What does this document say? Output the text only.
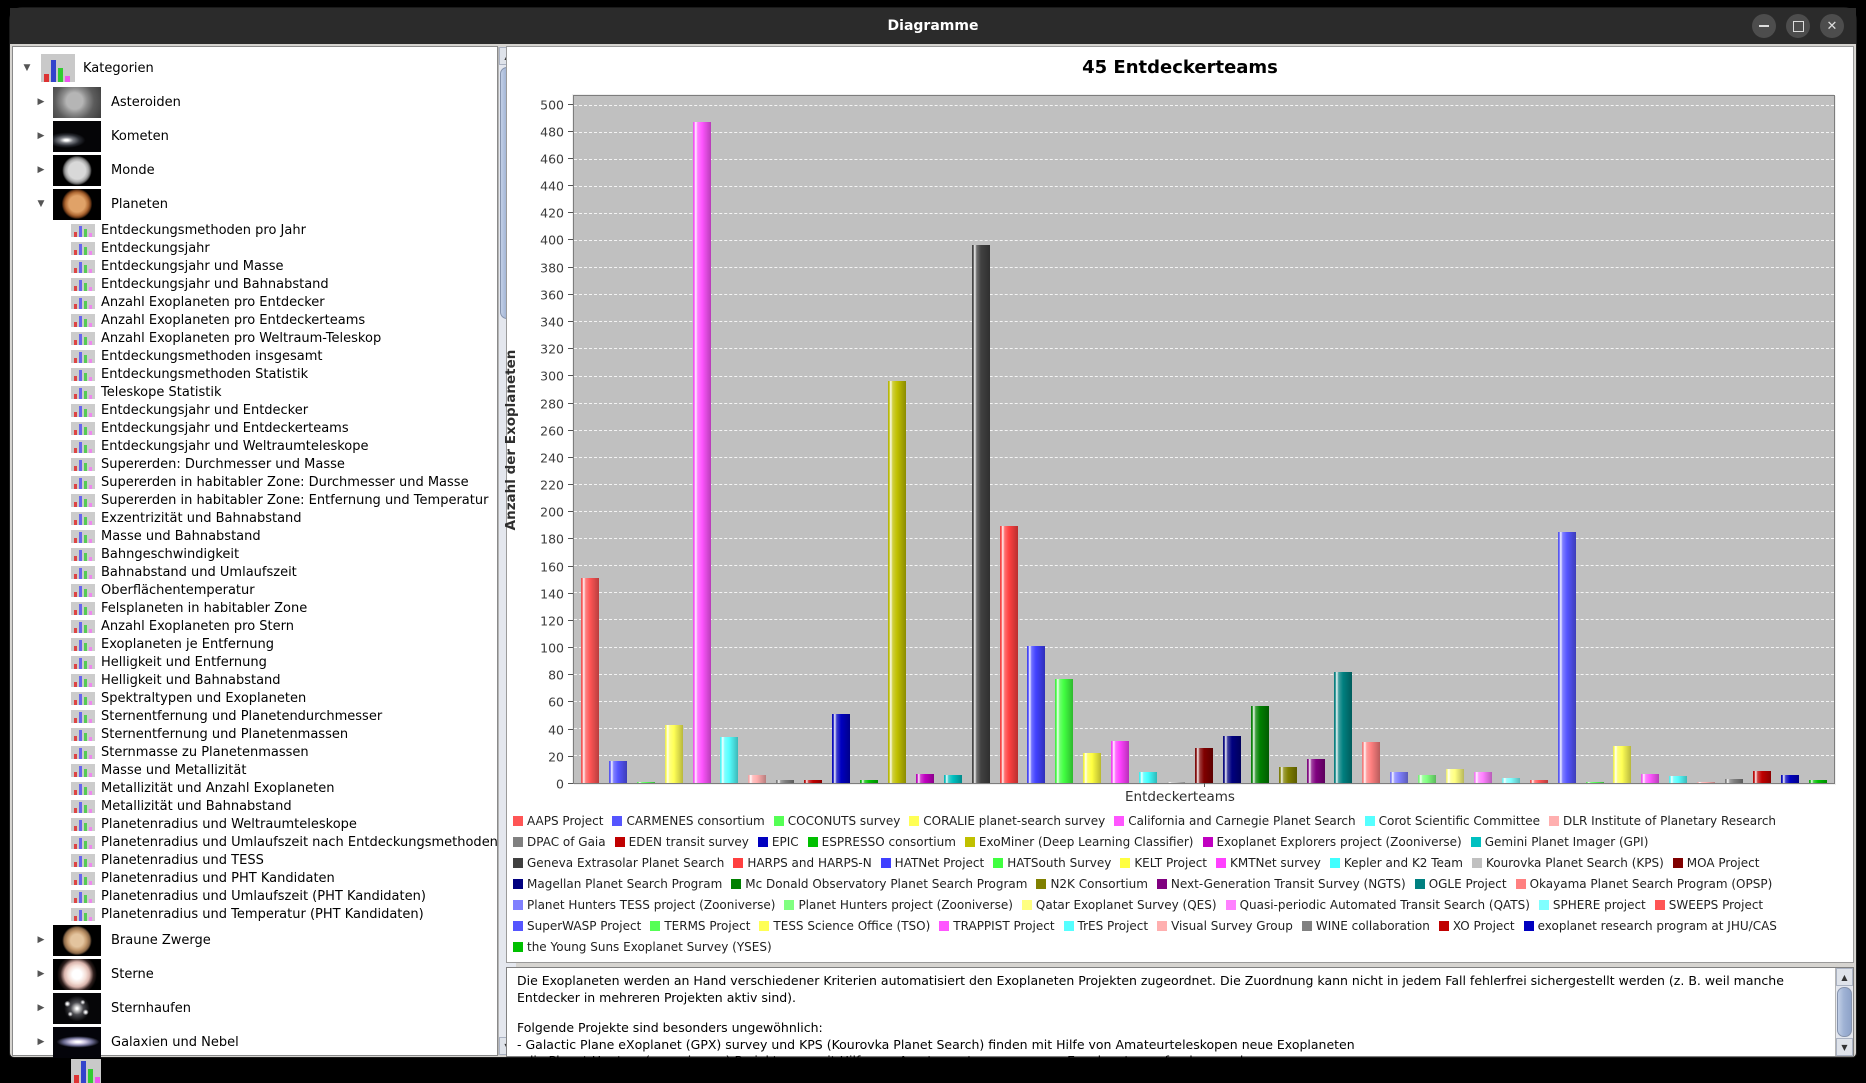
Diagramme	✕
▼	Kategorien
▶	Asteroiden
▶	Kometen
▶	Monde
▼	Planeten
Entdeckungsmethoden pro Jahr
Entdeckungsjahr
Entdeckungsjahr und Masse
Entdeckungsjahr und Bahnabstand
Anzahl Exoplaneten pro Entdecker
Anzahl Exoplaneten pro Entdeckerteams
Anzahl Exoplaneten pro Weltraum-Teleskop
Entdeckungsmethoden insgesamt
Entdeckungsmethoden Statistik
Teleskope Statistik
Entdeckungsjahr und Entdecker
Entdeckungsjahr und Entdeckerteams
Entdeckungsjahr und Weltraumteleskope
Supererden: Durchmesser und Masse
Supererden in habitabler Zone: Durchmesser und Masse
Supererden in habitabler Zone: Entfernung und Temperatur
Exzentrizität und Bahnabstand
Masse und Bahnabstand
Bahngeschwindigkeit
Bahnabstand und Umlaufszeit
Oberflächentemperatur
Felsplaneten in habitabler Zone
Anzahl Exoplaneten pro Stern
Exoplaneten je Entfernung
Helligkeit und Entfernung
Helligkeit und Bahnabstand
Spektraltypen und Exoplaneten
Sternentfernung und Planetendurchmesser
Sternentfernung und Planetenmassen
Sternmasse zu Planetenmassen
Masse und Metallizität
Metallizität und Anzahl Exoplaneten
Metallizität und Bahnabstand
Planetenradius und Weltraumteleskope
Planetenradius und Umlaufszeit nach Entdeckungsmethoden
Planetenradius und TESS
Planetenradius und PHT Kandidaten
Planetenradius und Umlaufszeit (PHT Kandidaten)
Planetenradius und Temperatur (PHT Kandidaten)
▶	Braune Zwerge
▶	Sterne
▶	Sternhaufen
▶	Galaxien und Nebel
45 Entdeckerteams
Anzahl der Exoplaneten
0
20
40
60
80
100
120
140
160
180
200
220
240
260
280
300
320
340
360
380
400
420
440
460
480
500
Entdeckerteams
AAPS Project CARMENES consortium COCONUTS survey CORALIE planet-search survey California and Carnegie Planet Search Corot Scientific Committee DLR Institute of Planetary Research
DPAC of Gaia EDEN transit survey EPIC ESPRESSO consortium ExoMiner (Deep Learning Classifier) Exoplanet Explorers project (Zooniverse) Gemini Planet Imager (GPI)
Geneva Extrasolar Planet Search HARPS and HARPS-N HATNet Project HATSouth Survey KELT Project KMTNet survey Kepler and K2 Team Kourovka Planet Search (KPS) MOA Project
Magellan Planet Search Program Mc Donald Observatory Planet Search Program N2K Consortium Next-Generation Transit Survey (NGTS) OGLE Project Okayama Planet Search Program (OPSP)
Planet Hunters TESS project (Zooniverse) Planet Hunters project (Zooniverse) Qatar Exoplanet Survey (QES) Quasi-periodic Automated Transit Search (QATS) SPHERE project SWEEPS Project
SuperWASP Project TERMS Project TESS Science Office (TSO) TRAPPIST Project TrES Project Visual Survey Group WINE collaboration XO Project exoplanet research program at JHU/CAS
the Young Suns Exoplanet Survey (YSES)

Die Exoplaneten werden an Hand verschiedener Kriterien automatisiert den Exoplaneten Projekten zugeordnet. Die Zuordnung kann nicht in jedem Fall fehlerfrei sichergestellt werden (z. B. weil manche Entdecker in mehreren Projekten aktiv sind).

Folgende Projekte sind besonders ungewöhnlich:

- Galactic Plane eXoplanet (GPX) survey und KPS (Kourovka Planet Search) finden mit Hilfe von Amateurteleskopen neue Exoplaneten

- die Planet Hunters (zoouniverse) Projekte, wo mit Hilfe von Amateurastronomen neue Exoplaneten gefunden wurden

▲
▼
